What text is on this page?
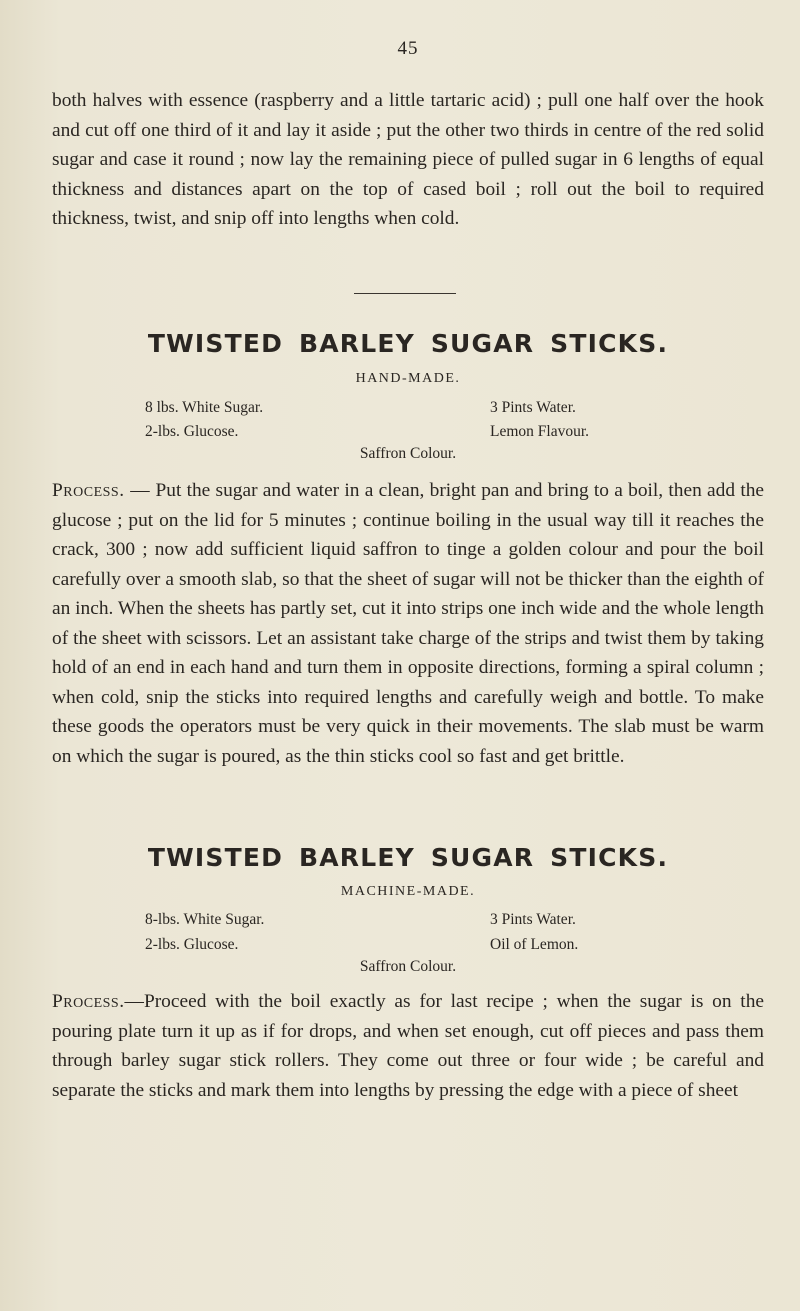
45

both halves with essence (raspberry and a little tartaric acid) ; pull one half over the hook and cut off one third of it and lay it aside ; put the other two thirds in centre of the red solid sugar and case it round ; now lay the remaining piece of pulled sugar in 6 lengths of equal thickness and distances apart on the top of cased boil ; roll out the boil to required thickness, twist, and snip off into lengths when cold.

TWISTED BARLEY SUGAR STICKS.
HAND-MADE.
8 lbs. White Sugar.	3 Pints Water.
2-lbs. Glucose.	Lemon Flavour.
Saffron Colour.

Process. — Put the sugar and water in a clean, bright pan and bring to a boil, then add the glucose ; put on the lid for 5 minutes ; continue boiling in the usual way till it reaches the crack, 300 ; now add sufficient liquid saffron to tinge a golden colour and pour the boil carefully over a smooth slab, so that the sheet of sugar will not be thicker than the eighth of an inch. When the sheets has partly set, cut it into strips one inch wide and the whole length of the sheet with scissors. Let an assistant take charge of the strips and twist them by taking hold of an end in each hand and turn them in opposite directions, forming a spiral column ; when cold, snip the sticks into required lengths and carefully weigh and bottle. To make these goods the operators must be very quick in their movements. The slab must be warm on which the sugar is poured, as the thin sticks cool so fast and get brittle.

TWISTED BARLEY SUGAR STICKS.
MACHINE-MADE.
8-lbs. White Sugar.	3 Pints Water.
2-lbs. Glucose.	Oil of Lemon.
Saffron Colour.

Process.—Proceed with the boil exactly as for last recipe ; when the sugar is on the pouring plate turn it up as if for drops, and when set enough, cut off pieces and pass them through barley sugar stick rollers. They come out three or four wide ; be careful and separate the sticks and mark them into lengths by pressing the edge with a piece of sheet
